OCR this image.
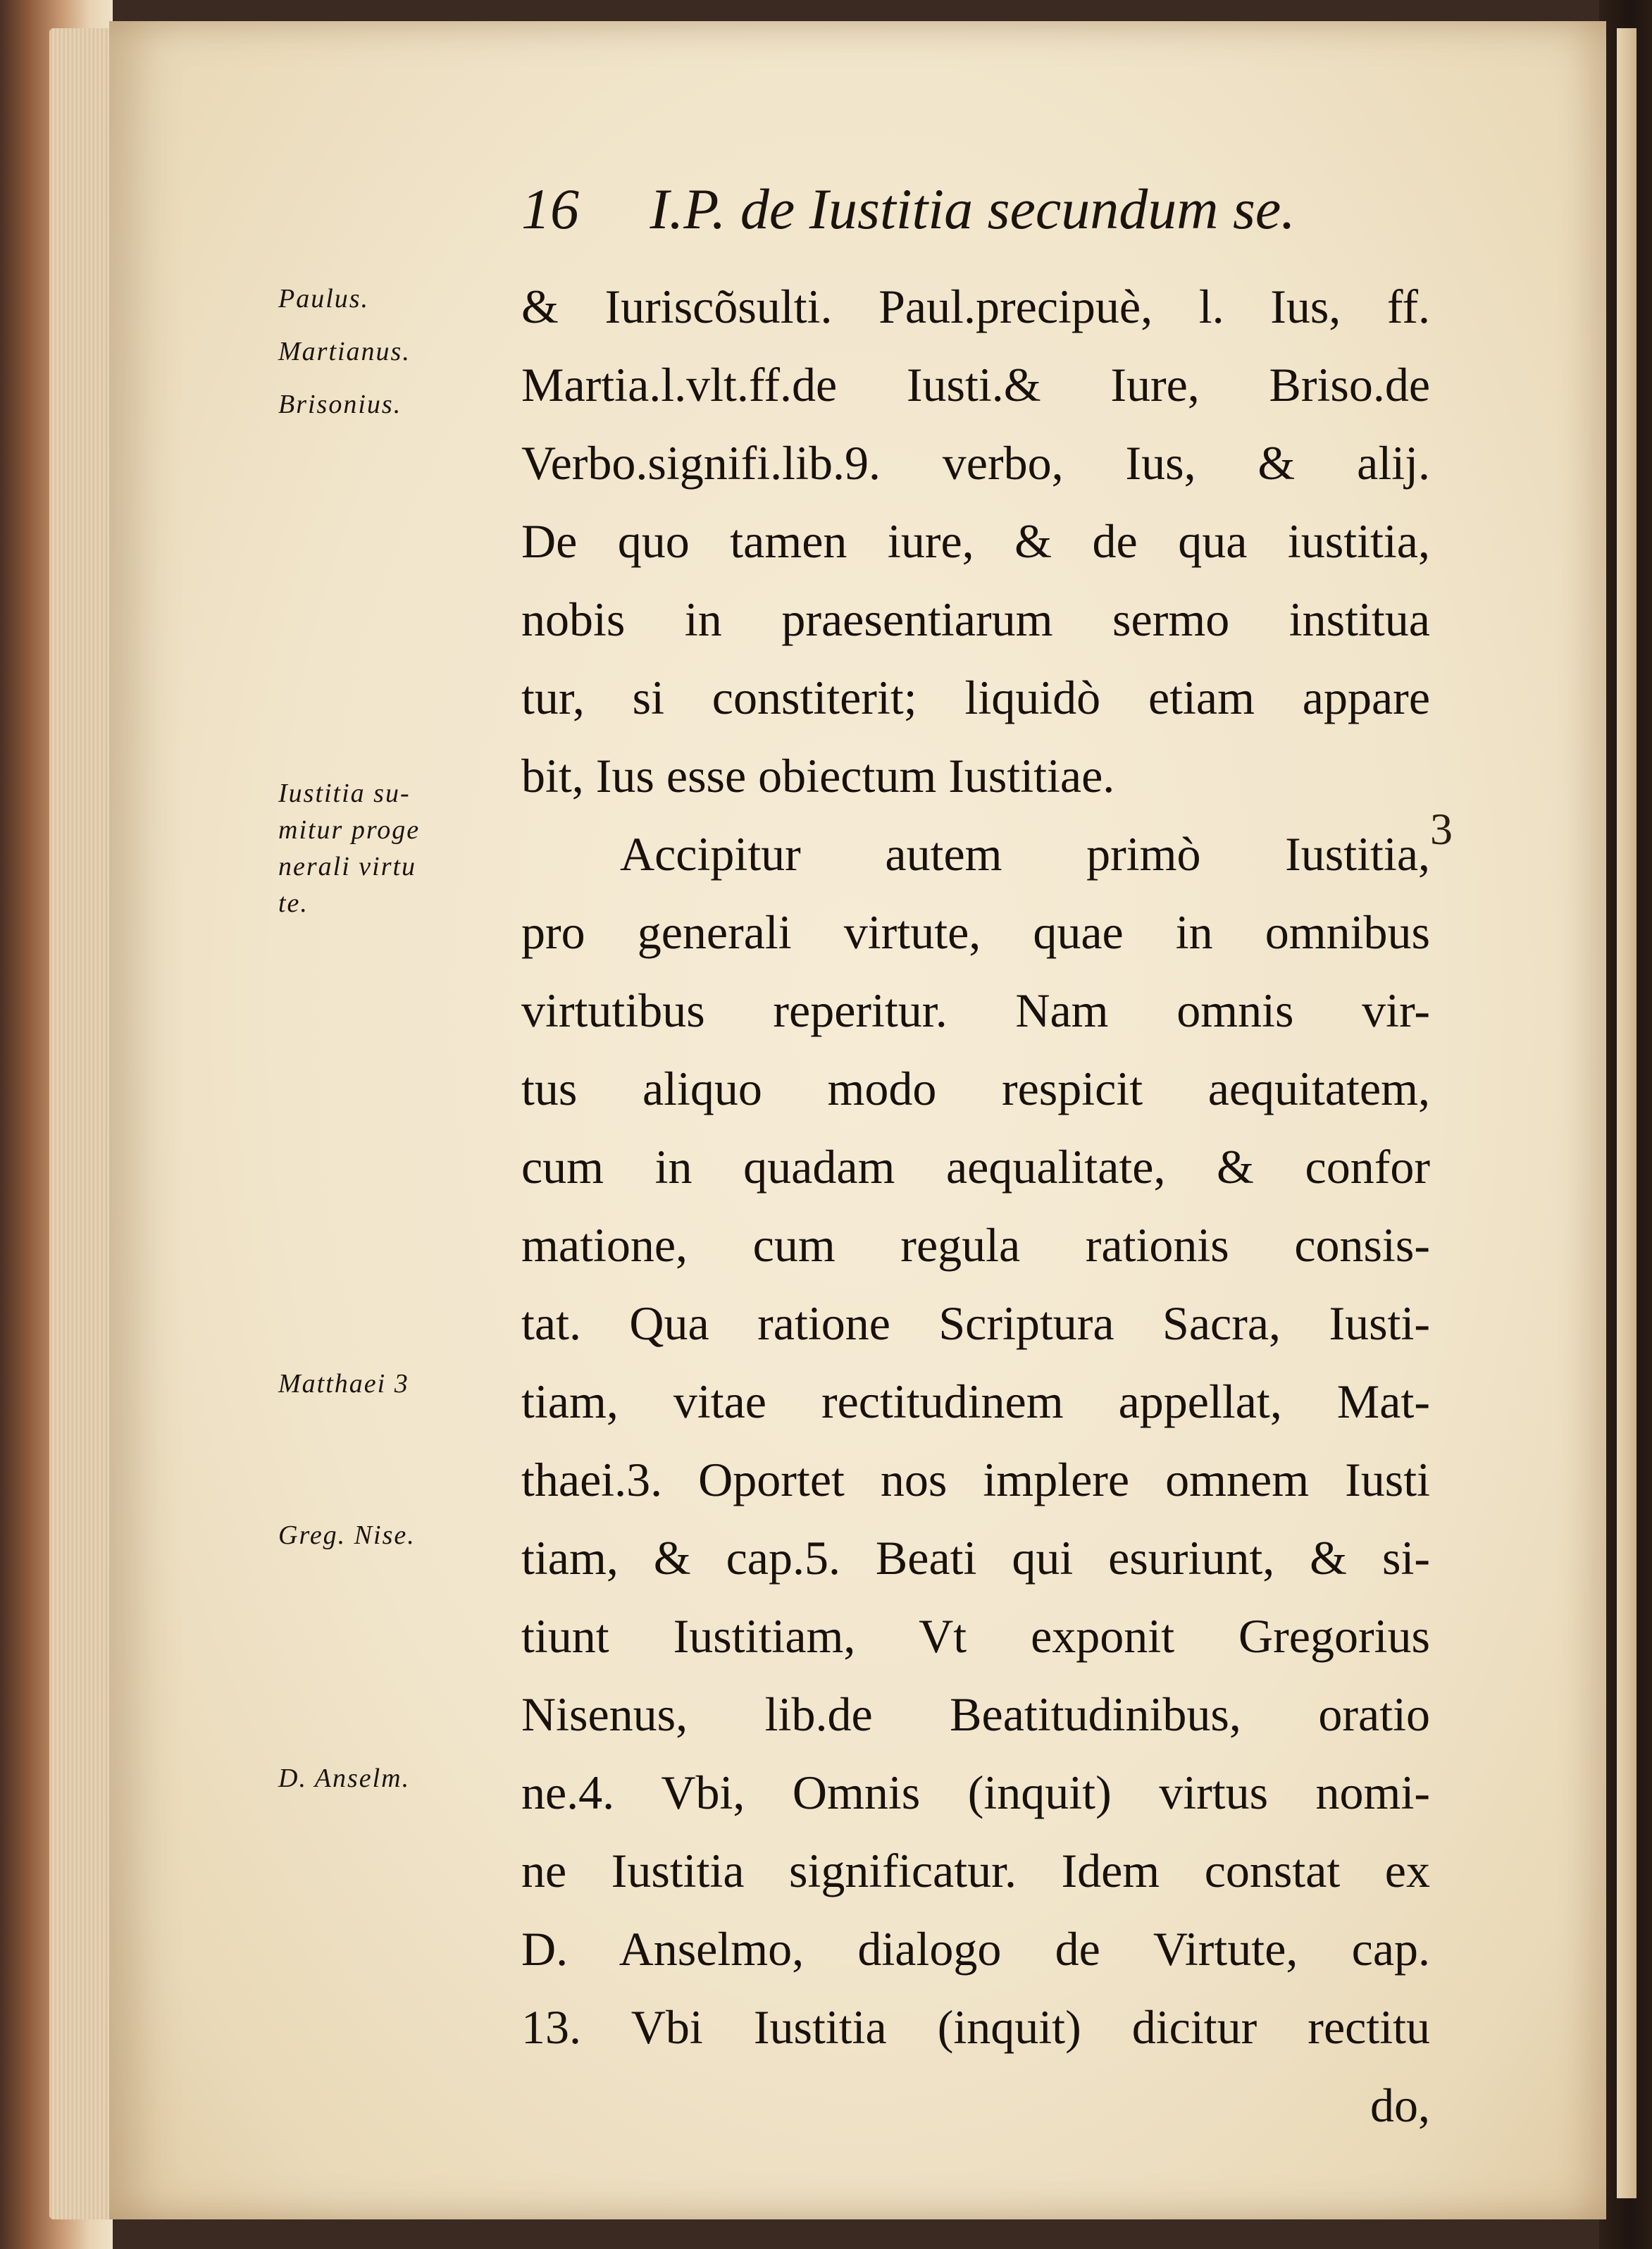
16 I.P. de Iustitia secundum se.
Paulus.
Martianus.
Brisonius.
Iustitia su-
mitur proge
nerali virtu
te.
Matthaei 3
Greg. Nise.
D. Anselm.
3
& Iuriscõsulti. Paul.precipuè, l. Ius, ff.
Martia.l.vlt.ff.de Iusti.& Iure, Briso.de
Verbo.signifi.lib.9. verbo, Ius, & alij.
De quo tamen iure, & de qua iustitia,
nobis in praesentiarum sermo institua
tur, si constiterit; liquidò etiam appare
bit, Ius esse obiectum Iustitiae.
Accipitur autem primò Iustitia,
pro generali virtute, quae in omnibus
virtutibus reperitur. Nam omnis vir-
tus aliquo modo respicit aequitatem,
cum in quadam aequalitate, & confor
matione, cum regula rationis consis-
tat. Qua ratione Scriptura Sacra, Iusti-
tiam, vitae rectitudinem appellat, Mat-
thaei.3. Oportet nos implere omnem Iusti
tiam, & cap.5. Beati qui esuriunt, & si-
tiunt Iustitiam, Vt exponit Gregorius
Nisenus, lib.de Beatitudinibus, oratio
ne.4. Vbi, Omnis (inquit) virtus nomi-
ne Iustitia significatur. Idem constat ex
D. Anselmo, dialogo de Virtute, cap.
13. Vbi Iustitia (inquit) dicitur rectitu
do,
